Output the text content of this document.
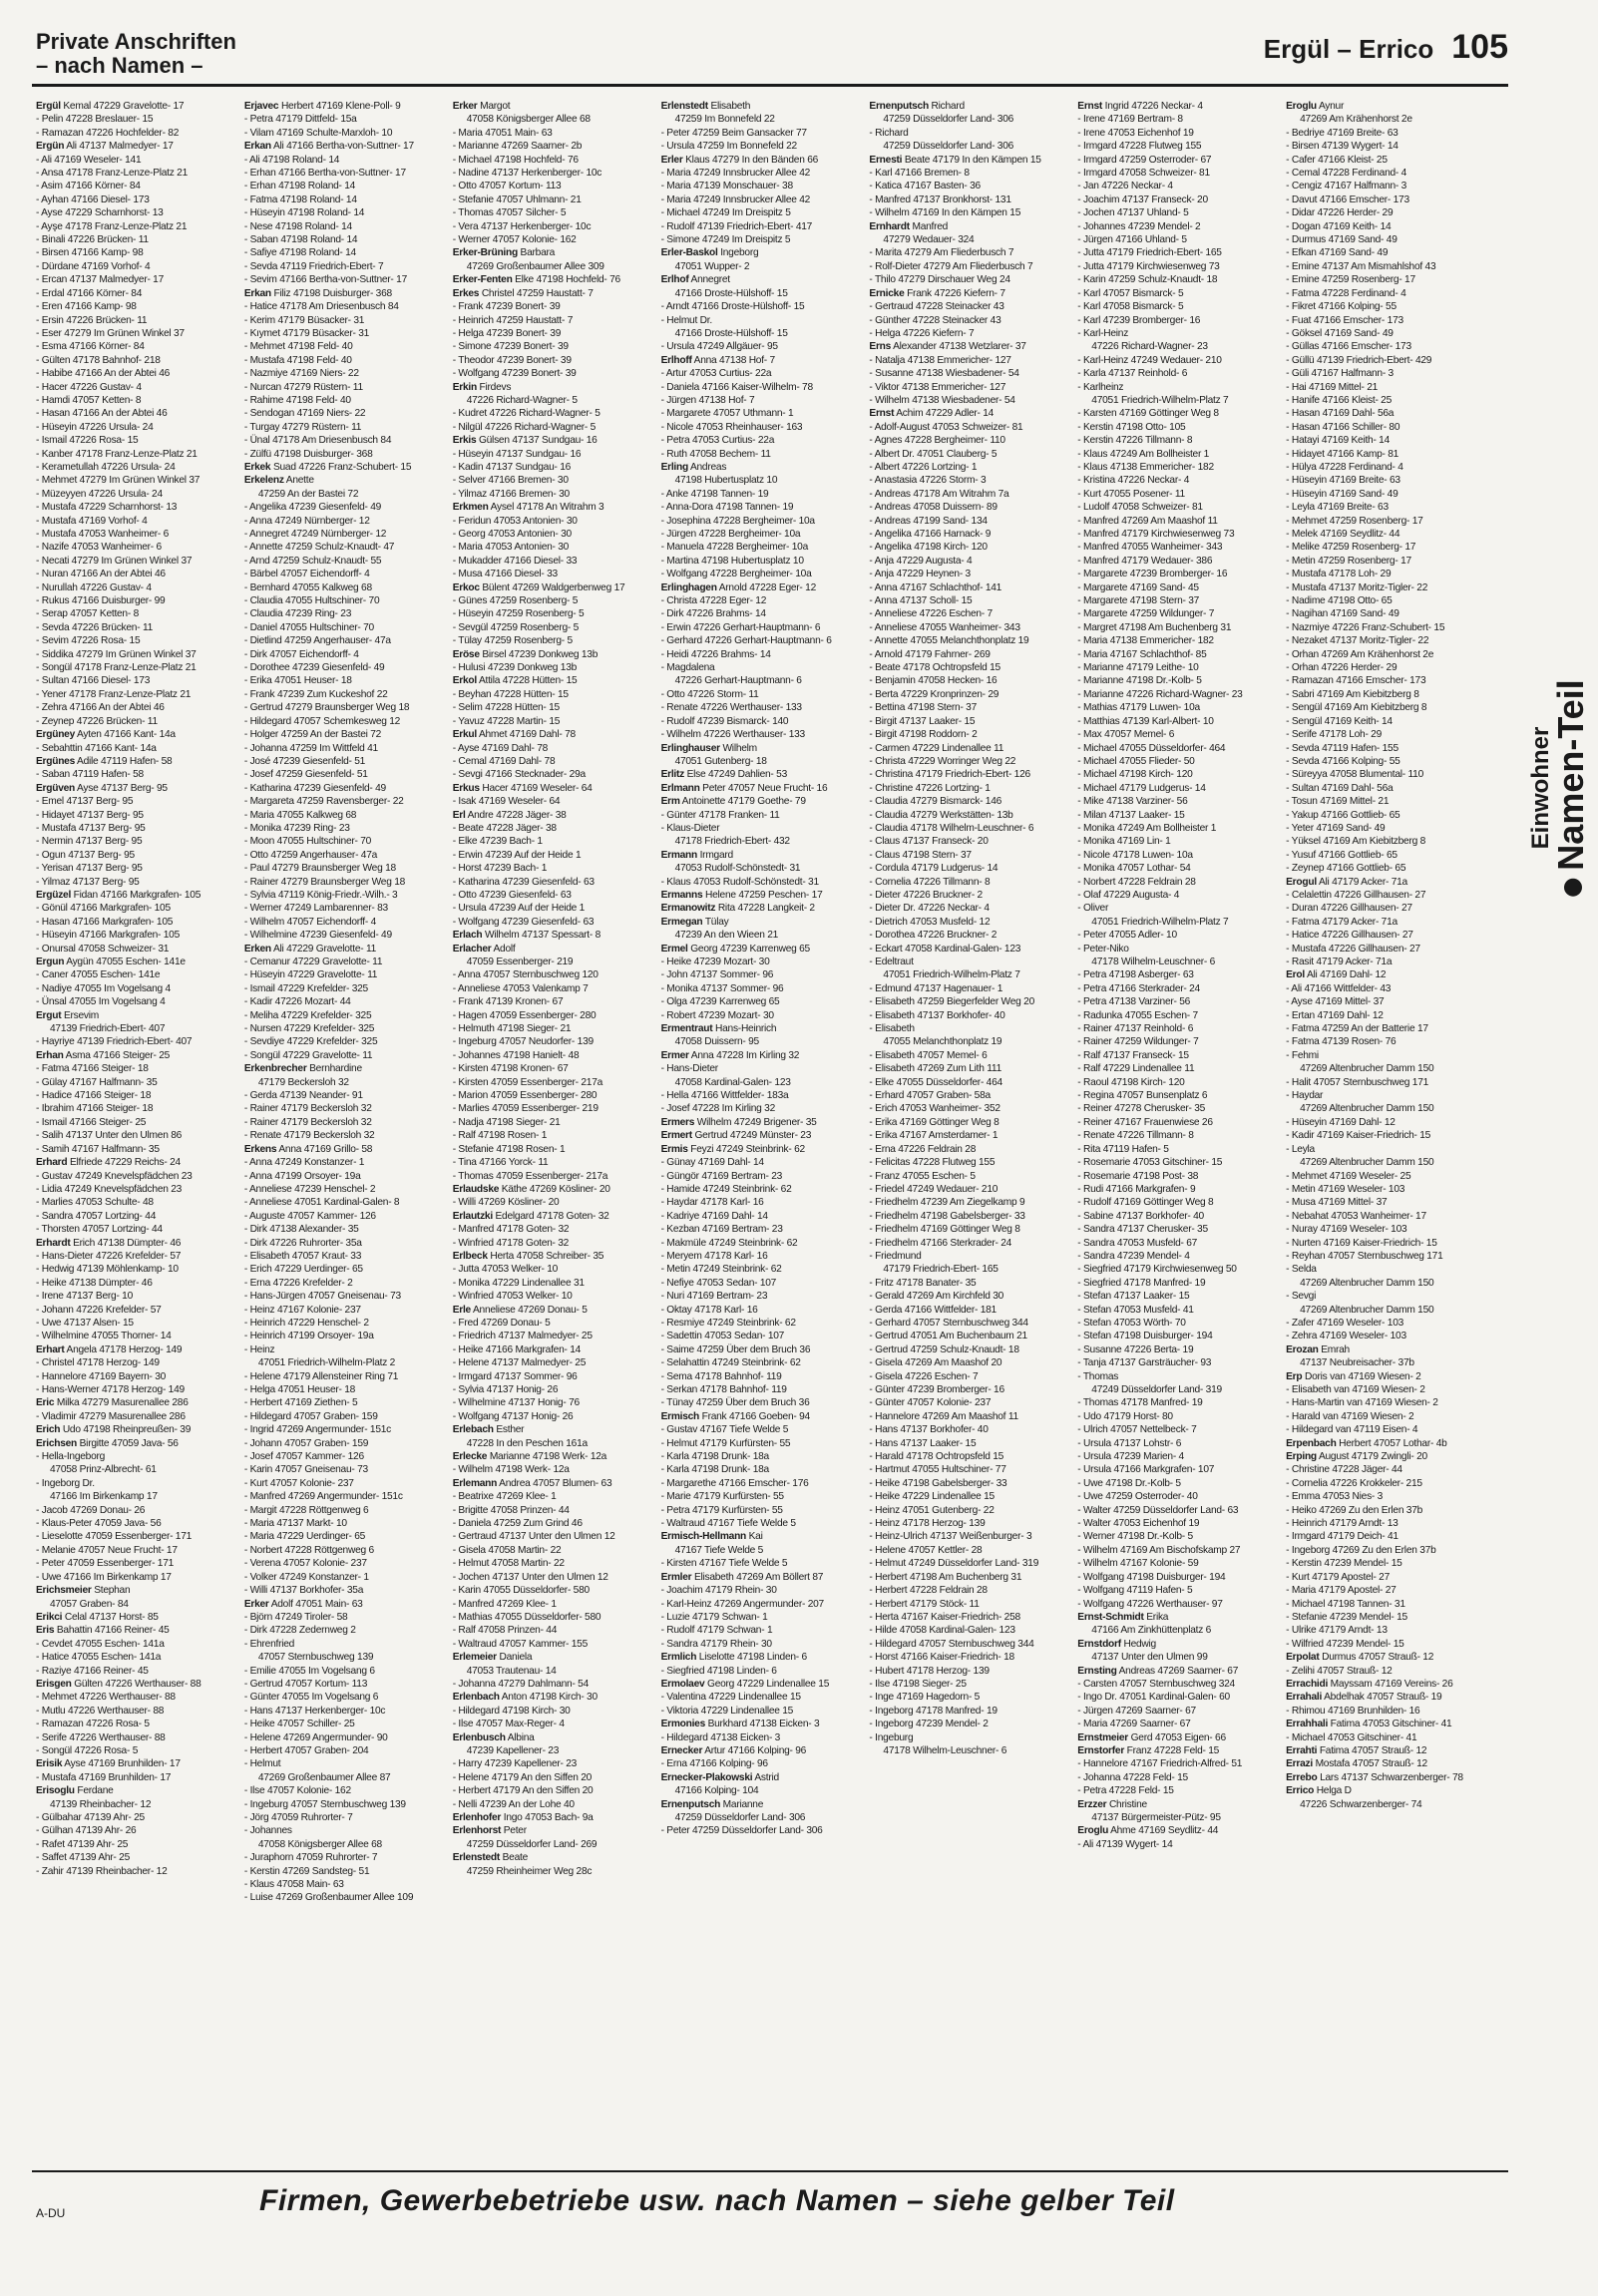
Private Anschriften
– nach Namen –
Ergül – Errico 105
Ergül Kemal 47229 Gravelotte- 17
- Pelin 47228 Breslauer- 15
- Ramazan 47226 Hochfelder- 82
Ergün Ali 47137 Malmedyer- 17
- Ali 47169 Weseler- 141
- Ansa 47178 Franz-Lenze-Platz 21
- Asim 47166 Körner- 84
- Ayhan 47166 Diesel- 173
- Ayse 47229 Scharnhorst- 13
- Ayşe 47178 Franz-Lenze-Platz 21
- Binali 47226 Brücken- 11
- Birsen 47166 Kamp- 98
- Dürdane 47169 Vorhof- 4
- Ercan 47137 Malmedyer- 17
- Erdal 47166 Körner- 84
- Eren 47166 Kamp- 98
- Ersin 47226 Brücken- 11
- Eser 47279 Im Grünen Winkel 37
- Esma 47166 Körner- 84
- Gülten 47178 Bahnhof- 218
- Habibe 47166 An der Abtei 46
- Hacer 47226 Gustav- 4
- Hamdi 47057 Ketten- 8
- Hasan 47166 An der Abtei 46
- Hüseyin 47226 Ursula- 24
- Ismail 47226 Rosa- 15
- Kanber 47178 Franz-Lenze-Platz 21
- Kerametullah 47226 Ursula- 24
- Mehmet 47279 Im Grünen Winkel 37
- Müzeyyen 47226 Ursula- 24
- Mustafa 47229 Scharnhorst- 13
- Mustafa 47169 Vorhof- 4
- Mustafa 47053 Wanheimer- 6
- Nazife 47053 Wanheimer- 6
- Necati 47279 Im Grünen Winkel 37
- Nuran 47166 An der Abtei 46
- Nurullah 47226 Gustav- 4
- Rukus 47166 Duisburger- 99
- Serap 47057 Ketten- 8
- Sevda 47226 Brücken- 11
- Sevim 47226 Rosa- 15
- Siddika 47279 Im Grünen Winkel 37
- Songül 47178 Franz-Lenze-Platz 21
- Sultan 47166 Diesel- 173
- Yener 47178 Franz-Lenze-Platz 21
- Zehra 47166 An der Abtei 46
- Zeynep 47226 Brücken- 11
Ergüney Ayten 47166 Kant- 14a
- Sebahttin 47166 Kant- 14a
Ergünes Adile 47119 Hafen- 58
- Saban 47119 Hafen- 58
Ergüven Ayse 47137 Berg- 95
- Emel 47137 Berg- 95
- Hidayet 47137 Berg- 95
- Mustafa 47137 Berg- 95
- Nermin 47137 Berg- 95
- Ogun 47137 Berg- 95
- Yerisan 47137 Berg- 95
- Yilmaz 47137 Berg- 95
Ergüzel Fidan 47166 Markgrafen- 105
- Gönül 47166 Markgrafen- 105
- Hasan 47166 Markgrafen- 105
- Hüseyin 47166 Markgrafen- 105
- Onursal 47058 Schweizer- 31
Ergun Aygün 47055 Eschen- 141e
- Caner 47055 Eschen- 141e
- Nadiye 47055 Im Vogelsang 4
- Ünsal 47055 Im Vogelsang 4
Ergut Ersevim
47139 Friedrich-Ebert- 407
- Hayriye 47139 Friedrich-Ebert- 407
Erhan Asma 47166 Steiger- 25
- Fatma 47166 Steiger- 18
- Gülay 47167 Halfmann- 35
- Hadice 47166 Steiger- 18
- Ibrahim 47166 Steiger- 18
- Ismail 47166 Steiger- 25
- Salih 47137 Unter den Ulmen 86
- Samih 47167 Halfmann- 35
Erhard Elfriede 47229 Reichs- 24
- Gustav 47249 Knevelspfädchen 23
- Lidia 47249 Knevelspfädchen 23
- Marlies 47053 Schulte- 48
- Sandra 47057 Lortzing- 44
- Thorsten 47057 Lortzing- 44
Erhardt Erich 47138 Dümpter- 46
- Hans-Dieter 47226 Krefelder- 57
- Hedwig 47139 Möhlenkamp- 10
- Heike 47138 Dümpter- 46
- Irene 47137 Berg- 10
- Johann 47226 Krefelder- 57
- Uwe 47137 Alsen- 15
- Wilhelmine 47055 Thorner- 14
Erhart Angela 47178 Herzog- 149
- Christel 47178 Herzog- 149
- Hannelore 47169 Bayern- 30
- Hans-Werner 47178 Herzog- 149
Eric Milka 47279 Masurenallee 286
- Vladimir 47279 Masurenallee 286
Erich Udo 47198 Rheinpreußen- 39
Erichsen Birgitte 47059 Java- 56
- Hella-Ingeborg
47058 Prinz-Albrecht- 61
- Ingeborg Dr.
47166 Im Birkenkamp 17
- Jacob 47269 Donau- 26
- Klaus-Peter 47059 Java- 56
- Lieselotte 47059 Essenberger- 171
- Melanie 47057 Neue Frucht- 17
- Peter 47059 Essenberger- 171
- Uwe 47166 Im Birkenkamp 17
Erichsmeier Stephan
47057 Graben- 84
Erikci Celal 47137 Horst- 85
Eris Bahattin 47166 Reiner- 45
- Cevdet 47055 Eschen- 141a
- Hatice 47055 Eschen- 141a
- Raziye 47166 Reiner- 45
Erisgen Gülten 47226 Werthauser- 88
- Mehmet 47226 Werthauser- 88
- Mutlu 47226 Werthauser- 88
- Ramazan 47226 Rosa- 5
- Serife 47226 Werthauser- 88
- Songül 47226 Rosa- 5
Erisik Ayse 47169 Brunhilden- 17
- Mustafa 47169 Brunhilden- 17
Erisoglu Ferdane
47139 Rheinbacher- 12
- Gülbahar 47139 Ahr- 25
- Gülhan 47139 Ahr- 26
- Rafet 47139 Ahr- 25
- Saffet 47139 Ahr- 25
- Zahir 47139 Rheinbacher- 12
Erjavec Herbert 47169 Klene-Poll- 9
- Petra 47179 Dittfeld- 15a
- Vilam 47169 Schulte-Marxloh- 10
Erkan Ali 47166 Bertha-von-Suttner- 17
- Ali 47198 Roland- 14
- Erhan 47166 Bertha-von-Suttner- 17
- Erhan 47198 Roland- 14
- Fatma 47198 Roland- 14
- Hüseyin 47198 Roland- 14
- Nese 47198 Roland- 14
- Saban 47198 Roland- 14
- Safiye 47198 Roland- 14
- Sevda 47119 Friedrich-Ebert- 7
- Sevim 47166 Bertha-von-Suttner- 17
Erkan Filiz 47198 Duisburger- 368
- Hatice 47178 Am Driesenbusch 84
- Kerim 47179 Büsacker- 31
- Kıymet 47179 Büsacker- 31
- Mehmet 47198 Feld- 40
- Mustafa 47198 Feld- 40
- Nazmiye 47169 Niers- 22
- Nurcan 47279 Rüstern- 11
- Rahime 47198 Feld- 40
- Sendogan 47169 Niers- 22
- Turgay 47279 Rüstern- 11
- Ünal 47178 Am Driesenbusch 84
- Zülfü 47198 Duisburger- 368
Erkek Suad 47226 Franz-Schubert- 15
Erkelenz Anette
47259 An der Bastei 72
- Angelika 47239 Giesenfeld- 49
- Anna 47249 Nürnberger- 12
- Annegret 47249 Nürnberger- 12
- Annette 47259 Schulz-Knaudt- 47
- Arnd 47259 Schulz-Knaudt- 55
- Bärbel 47057 Eichendorff- 4
- Bernhard 47055 Kalkweg 68
- Claudia 47055 Hultschiner- 70
- Claudia 47239 Ring- 23
- Daniel 47055 Hultschiner- 70
- Dietlind 47259 Angerhauser- 47a
- Dirk 47057 Eichendorff- 4
- Dorothee 47239 Giesenfeld- 49
- Erika 47051 Heuser- 18
- Frank 47239 Zum Kuckeshof 22
- Gertrud 47279 Braunsberger Weg 18
- Hildegard 47057 Schemkesweg 12
- Holger 47259 An der Bastei 72
- Johanna 47259 Im Wittfeld 41
- José 47239 Giesenfeld- 51
- Josef 47259 Giesenfeld- 51
- Katharina 47239 Giesenfeld- 49
- Margareta 47259 Ravensberger- 22
- Maria 47055 Kalkweg 68
- Monika 47239 Ring- 23
- Moon 47055 Hultschiner- 70
- Otto 47259 Angerhauser- 47a
- Paul 47279 Braunsberger Weg 18
- Rainer 47279 Braunsberger Weg 18
- Sylvia 47119 König-Friedr.-Wilh.- 3
- Werner 47249 Lambarenner- 83
- Wilhelm 47057 Eichendorff- 4
- Wilhelmine 47239 Giesenfeld- 49
Erken Ali 47229 Gravelotte- 11
- Cemanur 47229 Gravelotte- 11
- Hüseyin 47229 Gravelotte- 11
- Ismail 47229 Krefelder- 325
- Kadir 47226 Mozart- 44
- Meliha 47229 Krefelder- 325
- Nursen 47229 Krefelder- 325
- Sevdiye 47229 Krefelder- 325
- Songül 47229 Gravelotte- 11
Erkenbrecher Bernhardine
47179 Beckersloh 32
- Gerda 47139 Neander- 91
- Rainer 47179 Beckersloh 32
- Rainer 47179 Beckersloh 32
- Renate 47179 Beckersloh 32
Erkens Anna 47169 Grillo- 58
- Anna 47249 Konstanzer- 1
- Anna 47199 Orsoyer- 19a
- Anneliese 47239 Henschel- 2
- Anneliese 47051 Kardinal-Galen- 8
- Auguste 47057 Kammer- 126
- Dirk 47138 Alexander- 35
- Dirk 47226 Ruhrorter- 35a
- Elisabeth 47057 Kraut- 33
- Erich 47229 Uerdinger- 65
- Erna 47226 Krefelder- 2
- Hans-Jürgen 47057 Gneisenau- 73
- Heinz 47167 Kolonie- 237
- Heinrich 47229 Henschel- 2
- Heinrich 47199 Orsoyer- 19a
- Heinz
47051 Friedrich-Wilhelm-Platz 2
- Helene 47179 Allensteiner Ring 71
- Helga 47051 Heuser- 18
- Herbert 47169 Ziethen- 5
- Hildegard 47057 Graben- 159
- Ingrid 47269 Angermunder- 151c
- Johann 47057 Graben- 159
- Josef 47057 Kammer- 126
- Karin 47057 Gneisenau- 73
- Kurt 47057 Kolonie- 237
- Manfred 47269 Angermunder- 151c
- Margit 47228 Röttgenweg 6
- Maria 47137 Markt- 10
- Maria 47229 Uerdinger- 65
- Norbert 47228 Röttgenweg 6
- Verena 47057 Kolonie- 237
- Volker 47249 Konstanzer- 1
- Willi 47137 Borkhofer- 35a
Erker Adolf 47051 Main- 63
- Björn 47249 Tiroler- 58
- Dirk 47228 Zedernweg 2
- Ehrenfried
47057 Sternbuschweg 139
- Emilie 47055 Im Vogelsang 6
- Gertrud 47057 Kortum- 113
- Günter 47055 Im Vogelsang 6
- Hans 47137 Herkenberger- 10c
- Heike 47057 Schiller- 25
- Helene 47269 Angermunder- 90
- Herbert 47057 Graben- 204
- Helmut
47269 Großenbaumer Allee 87
- Ilse 47057 Kolonie- 162
- Ingeburg 47057 Sternbuschweg 139
- Jörg 47059 Ruhrorter- 7
- Johannes
47058 Königsberger Allee 68
- Juraphorn 47059 Ruhrorter- 7
- Kerstin 47269 Sandsteg- 51
- Klaus 47058 Main- 63
- Luise 47269 Großenbaumer Allee 109
Erker Margot
47058 Königsberger Allee 68
- Maria 47051 Main- 63
- Marianne 47269 Saarner- 2b
- Michael 47198 Hochfeld- 76
- Nadine 47137 Herkenberger- 10c
- Otto 47057 Kortum- 113
- Stefanie 47057 Uhlmann- 21
- Thomas 47057 Silcher- 5
- Vera 47137 Herkenberger- 10c
- Werner 47057 Kolonie- 162
Erker-Brüning Barbara
47269 Großenbaumer Allee 309
Erker-Fenten Elke 47198 Hochfeld- 76
Erkes Christel 47259 Haustatt- 7
- Frank 47239 Bonert- 39
- Heinrich 47259 Haustatt- 7
- Helga 47239 Bonert- 39
- Simone 47239 Bonert- 39
- Theodor 47239 Bonert- 39
- Wolfgang 47239 Bonert- 39
Erkin Firdevs
47226 Richard-Wagner- 5
- Kudret 47226 Richard-Wagner- 5
- Nilgül 47226 Richard-Wagner- 5
Erkis Gülsen 47137 Sundgau- 16
- Hüseyin 47137 Sundgau- 16
- Kadin 47137 Sundgau- 16
- Selver 47166 Bremen- 30
- Yilmaz 47166 Bremen- 30
Erkmen Aysel 47178 An Witrahm 3
- Feridun 47053 Antonien- 30
- Georg 47053 Antonien- 30
- Maria 47053 Antonien- 30
- Mukadder 47166 Diesel- 33
- Musa 47166 Diesel- 33
Erkoc Bülent 47269 Waldgerbenweg 17
- Günes 47259 Rosenberg- 5
- Hüseyin 47259 Rosenberg- 5
- Sevgül 47259 Rosenberg- 5
- Tülay 47259 Rosenberg- 5
Eröse Birsel 47239 Donkweg 13b
- Hulusi 47239 Donkweg 13b
Erkol Attila 47228 Hütten- 15
- Beyhan 47228 Hütten- 15
- Selim 47228 Hütten- 15
- Yavuz 47228 Martin- 15
Erkul Ahmet 47169 Dahl- 78
- Ayse 47169 Dahl- 78
- Cemal 47169 Dahl- 78
- Sevgi 47166 Stecknader- 29a
Erkus Hacer 47169 Weseler- 64
- Isak 47169 Weseler- 64
Erl Andre 47228 Jäger- 38
- Beate 47228 Jäger- 38
- Elke 47239 Bach- 1
- Erwin 47239 Auf der Heide 1
- Horst 47239 Bach- 1
- Katharina 47239 Giesenfeld- 63
- Otto 47239 Giesenfeld- 63
- Ursula 47239 Auf der Heide 1
- Wolfgang 47239 Giesenfeld- 63
Erlach Wilhelm 47137 Spessart- 8
Erlacher Adolf
47059 Essenberger- 219
- Anna 47057 Sternbuschweg 120
- Anneliese 47053 Valenkamp 7
- Frank 47139 Kronen- 67
- Hagen 47059 Essenberger- 280
- Helmuth 47198 Sieger- 21
- Ingeburg 47057 Neudorfer- 139
- Johannes 47198 Hanielt- 48
- Kirsten 47198 Kronen- 67
- Kirsten 47059 Essenberger- 217a
- Marion 47059 Essenberger- 280
- Marlies 47059 Essenberger- 219
- Nadja 47198 Sieger- 21
- Ralf 47198 Rosen- 1
- Stefanie 47198 Rosen- 1
- Tina 47166 Yorck- 11
- Thomas 47059 Essenberger- 217a
Erlaudske Käthe 47269 Kösliner- 20
- Willi 47269 Kösliner- 20
Erlautzki Edelgard 47178 Goten- 32
- Manfred 47178 Goten- 32
- Winfried 47178 Goten- 32
Erlbeck Herta 47058 Schreiber- 35
- Jutta 47053 Welker- 10
- Monika 47229 Lindenallee 31
- Winfried 47053 Welker- 10
Erle Anneliese 47269 Donau- 5
- Fred 47269 Donau- 5
- Friedrich 47137 Malmedyer- 25
- Heike 47166 Markgrafen- 14
- Helene 47137 Malmedyer- 25
- Irmgard 47137 Sommer- 96
- Sylvia 47137 Honig- 26
- Wilhelmine 47137 Honig- 76
- Wolfgang 47137 Honig- 26
Erlebach Esther
47228 In den Peschen 161a
Erlecke Marianne 47198 Werk- 12a
- Wilhelm 47198 Werk- 12a
Erlemann Andrea 47057 Blumen- 63
- Beatrixe 47269 Klee- 1
- Brigitte 47058 Prinzen- 44
- Daniela 47259 Zum Grind 46
- Gertraud 47137 Unter den Ulmen 12
- Gisela 47058 Martin- 22
- Helmut 47058 Martin- 22
- Jochen 47137 Unter den Ulmen 12
- Karin 47055 Düsseldorfer- 580
- Manfred 47269 Klee- 1
- Mathias 47055 Düsseldorfer- 580
- Ralf 47058 Prinzen- 44
- Waltraud 47057 Kammer- 155
Erlemeier Daniela
47053 Trautenau- 14
- Johanna 47279 Dahlmann- 54
Erlenbach Anton 47198 Kirch- 30
- Hildegard 47198 Kirch- 30
- Ilse 47057 Max-Reger- 4
Erlenbusch Albina
47239 Kapellener- 23
- Harry 47239 Kapellener- 23
- Helene 47179 An den Siffen 20
- Herbert 47179 An den Siffen 20
- Nelli 47239 An der Lohe 40
Erlenhofer Ingo 47053 Bach- 9a
Erlenhorst Peter
47259 Düsseldorfer Land- 269
Erlenstedt Beate
47259 Rheinheimer Weg 28c
Erlenstedt Elisabeth
47259 Im Bonnefeld 22
- Peter 47259 Beim Gansacker 77
- Ursula 47259 Im Bonnefeld 22
Erler Klaus 47279 In den Bänden 66
- Maria 47249 Innsbrucker Allee 42
- Maria 47139 Monschauer- 38
- Maria 47249 Innsbrucker Allee 42
- Michael 47249 Im Dreispitz 5
- Rudolf 47139 Friedrich-Ebert- 417
- Simone 47249 Im Dreispitz 5
Erler-Baskol Ingeborg
47051 Wupper- 2
Erlhof Annegret
47166 Droste-Hülshoff- 15
- Arndt 47166 Droste-Hülshoff- 15
- Helmut Dr.
47166 Droste-Hülshoff- 15
- Ursula 47249 Allgäuer- 95
Erlhoff Anna 47138 Hof- 7
- Artur 47053 Curtius- 22a
- Daniela 47166 Kaiser-Wilhelm- 78
- Jürgen 47138 Hof- 7
- Margarete 47057 Uthmann- 1
- Nicole 47053 Rheinhauser- 163
- Petra 47053 Curtius- 22a
- Ruth 47058 Bechem- 11
Erling Andreas
47198 Hubertusplatz 10
- Anke 47198 Tannen- 19
- Anna-Dora 47198 Tannen- 19
- Josephina 47228 Bergheimer- 10a
- Jürgen 47228 Bergheimer- 10a
- Manuela 47228 Bergheimer- 10a
- Martina 47198 Hubertusplatz 10
- Wolfgang 47228 Bergheimer- 10a
Erlinghagen Arnold 47228 Eger- 12
- Christa 47228 Eger- 12
- Dirk 47226 Brahms- 14
- Erwin 47226 Gerhart-Hauptmann- 6
- Gerhard 47226 Gerhart-Hauptmann- 6
- Heidi 47226 Brahms- 14
- Magdalena
47226 Gerhart-Hauptmann- 6
- Otto 47226 Storm- 11
- Renate 47226 Werthauser- 133
- Rudolf 47239 Bismarck- 140
- Wilhelm 47226 Werthauser- 133
Erlinghauser Wilhelm
47051 Gutenberg- 18
Erlitz Else 47249 Dahlien- 53
Erlmann Peter 47057 Neue Frucht- 16
Erm Antoinette 47179 Goethe- 79
- Günter 47178 Franken- 11
- Klaus-Dieter
47178 Friedrich-Ebert- 432
Ermann Irmgard
47053 Rudolf-Schönstedt- 31
- Klaus 47053 Rudolf-Schönstedt- 31
Ermanns Helene 47259 Peschen- 17
Ermanowitz Rita 47228 Langkeit- 2
Ermegan Tülay
47239 An den Wieen 21
Ermel Georg 47239 Karrenweg 65
- Heike 47239 Mozart- 30
- John 47137 Sommer- 96
- Monika 47137 Sommer- 96
- Olga 47239 Karrenweg 65
- Robert 47239 Mozart- 30
Ermentraut Hans-Heinrich
47058 Duissern- 95
Ermer Anna 47228 Im Kirling 32
- Hans-Dieter
47058 Kardinal-Galen- 123
- Hella 47166 Wittfelder- 183a
- Josef 47228 Im Kirling 32
Ermers Wilhelm 47249 Brigener- 35
Ermert Gertrud 47249 Münster- 23
Ermis Feyzi 47249 Steinbrink- 62
- Günay 47169 Dahl- 14
- Güngör 47169 Bertram- 23
- Hamide 47249 Steinbrink- 62
- Haydar 47178 Karl- 16
- Kadriye 47169 Dahl- 14
- Kezban 47169 Bertram- 23
- Makmüle 47249 Steinbrink- 62
- Meryem 47178 Karl- 16
- Metin 47249 Steinbrink- 62
- Nefiye 47053 Sedan- 107
- Nuri 47169 Bertram- 23
- Oktay 47178 Karl- 16
- Resmiye 47249 Steinbrink- 62
- Sadettin 47053 Sedan- 107
- Saime 47259 Über dem Bruch 36
- Selahattin 47249 Steinbrink- 62
- Sema 47178 Bahnhof- 119
- Serkan 47178 Bahnhof- 119
- Tünay 47259 Über dem Bruch 36
Ermisch Frank 47166 Goeben- 94
- Gustav 47167 Tiefe Welde 5
- Helmut 47179 Kurfürsten- 55
- Karla 47198 Drunk- 18a
- Karla 47198 Drunk- 18a
- Margarethe 47166 Emscher- 176
- Marie 47179 Kurfürsten- 55
- Petra 47179 Kurfürsten- 55
- Waltraud 47167 Tiefe Welde 5
Ermisch-Hellmann Kai
47167 Tiefe Welde 5
- Kirsten 47167 Tiefe Welde 5
Ermler Elisabeth 47269 Am Böllert 87
- Joachim 47179 Rhein- 30
- Karl-Heinz 47269 Angermunder- 207
- Luzie 47179 Schwan- 1
- Rudolf 47179 Schwan- 1
- Sandra 47179 Rhein- 30
Ermlich Liselotte 47198 Linden- 6
- Siegfried 47198 Linden- 6
Ermolaev Georg 47229 Lindenallee 15
- Valentina 47229 Lindenallee 15
- Viktoria 47229 Lindenallee 15
Ermonies Burkhard 47138 Eicken- 3
- Hildegard 47138 Eicken- 3
Ernecker Artur 47166 Kolping- 96
- Erna 47166 Kolping- 96
Ernecker-Plakowski Astrid
47166 Kolping- 104
Ernenputsch Marianne
47259 Düsseldorfer Land- 306
- Peter 47259 Düsseldorfer Land- 306
Ernenputsch Richard
47259 Düsseldorfer Land- 306
- Richard
47259 Düsseldorfer Land- 306
Ernesti Beate 47179 In den Kämpen 15
- Karl 47166 Bremen- 8
- Katica 47167 Basten- 36
- Manfred 47137 Bronkhorst- 131
- Wilhelm 47169 In den Kämpen 15
Ernhardt Manfred
47279 Wedauer- 324
- Marita 47279 Am Fliederbusch 7
- Rolf-Dieter 47279 Am Fliederbusch 7
- Thilo 47279 Dirschauer Weg 24
Ernicke Frank 47226 Kiefern- 7
- Gertraud 47228 Steinacker 43
- Günther 47228 Steinacker 43
- Helga 47226 Kiefern- 7
Erns Alexander 47138 Wetzlarer- 37
- Natalja 47138 Emmericher- 127
- Susanne 47138 Wiesbadener- 54
- Viktor 47138 Emmericher- 127
- Wilhelm 47138 Wiesbadener- 54
Ernst Achim 47229 Adler- 14
- Adolf-August 47053 Schweizer- 81
- Agnes 47228 Bergheimer- 110
- Albert Dr. 47051 Clauberg- 5
- Albert 47226 Lortzing- 1
- Anastasia 47226 Storm- 3
- Andreas 47178 Am Witrahm 7a
- Andreas 47058 Duissern- 89
- Andreas 47199 Sand- 134
- Angelika 47166 Harnack- 9
- Angelika 47198 Kirch- 120
- Anja 47229 Augusta- 4
- Anja 47229 Heynen- 3
- Anna 47167 Schlachthof- 141
- Anna 47137 Scholl- 15
- Anneliese 47226 Eschen- 7
- Anneliese 47055 Wanheimer- 343
- Annette 47055 Melanchthonplatz 19
- Arnold 47179 Fahrner- 269
- Beate 47178 Ochtropsfeld 15
- Benjamin 47058 Hecken- 16
- Berta 47229 Kronprinzen- 29
- Bettina 47198 Stern- 37
- Birgit 47137 Laaker- 15
- Birgit 47198 Roddorn- 2
- Carmen 47229 Lindenallee 11
- Christa 47229 Worringer Weg 22
- Christina 47179 Friedrich-Ebert- 126
- Christine 47226 Lortzing- 1
- Claudia 47279 Bismarck- 146
- Claudia 47279 Werkstätten- 13b
- Claudia 47178 Wilhelm-Leuschner- 6
- Claus 47137 Franseck- 20
- Claus 47198 Stern- 37
- Cordula 47179 Ludgerus- 14
- Cornelia 47226 Tillmann- 8
- Dieter 47226 Bruckner- 2
- Dieter Dr. 47226 Neckar- 4
- Dietrich 47053 Musfeld- 12
- Dorothea 47226 Bruckner- 2
- Eckart 47058 Kardinal-Galen- 123
- Edeltraut
47051 Friedrich-Wilhelm-Platz 7
- Edmund 47137 Hagenauer- 1
- Elisabeth 47259 Biegerfelder Weg 20
- Elisabeth 47137 Borkhofer- 40
- Elisabeth
47055 Melanchthonplatz 19
- Elisabeth 47057 Memel- 6
- Elisabeth 47269 Zum Lith 111
- Elke 47055 Düsseldorfer- 464
- Erhard 47057 Graben- 58a
- Erich 47053 Wanheimer- 352
- Erika 47169 Göttinger Weg 8
- Erika 47167 Amsterdamer- 1
- Erna 47226 Feldrain 28
- Felicitas 47228 Flutweg 155
- Franz 47055 Eschen- 5
- Friedel 47249 Wedauer- 210
- Friedhelm 47239 Am Ziegelkamp 9
- Friedhelm 47198 Gabelsberger- 33
- Friedhelm 47169 Göttinger Weg 8
- Friedhelm 47166 Sterkrader- 24
- Friedmund
47179 Friedrich-Ebert- 165
- Fritz 47178 Banater- 35
- Gerald 47269 Am Kirchfeld 30
- Gerda 47166 Wittfelder- 181
- Gerhard 47057 Sternbuschweg 344
- Gertrud 47051 Am Buchenbaum 21
- Gertrud 47259 Schulz-Knaudt- 18
- Gisela 47269 Am Maashof 20
- Gisela 47226 Eschen- 7
- Günter 47239 Bromberger- 16
- Günter 47057 Kolonie- 237
- Hannelore 47269 Am Maashof 11
- Hans 47137 Borkhofer- 40
- Hans 47137 Laaker- 15
- Harald 47178 Ochtropsfeld 15
- Hartmut 47055 Hultschiner- 77
- Heike 47198 Gabelsberger- 33
- Heike 47229 Lindenallee 15
- Heinz 47051 Gutenberg- 22
- Heinz 47178 Herzog- 139
- Heinz-Ulrich 47137 Weißenburger- 3
- Helene 47057 Kettler- 28
- Helmut 47249 Düsseldorfer Land- 319
- Herbert 47198 Am Buchenberg 31
- Herbert 47228 Feldrain 28
- Herbert 47179 Stöck- 11
- Herta 47167 Kaiser-Friedrich- 258
- Hilde 47058 Kardinal-Galen- 123
- Hildegard 47057 Sternbuschweg 344
- Horst 47166 Kaiser-Friedrich- 18
- Hubert 47178 Herzog- 139
- Ilse 47198 Sieger- 25
- Inge 47169 Hagedorn- 5
- Ingeborg 47178 Manfred- 19
- Ingeborg 47239 Mendel- 2
- Ingeburg
47178 Wilhelm-Leuschner- 6
Ernst Ingrid 47226 Neckar- 4
- Irene 47169 Bertram- 8
- Irene 47053 Eichenhof 19
- Irmgard 47228 Flutweg 155
- Irmgard 47259 Osterroder- 67
- Irmgard 47058 Schweizer- 81
- Jan 47226 Neckar- 4
- Joachim 47137 Franseck- 20
- Jochen 47137 Uhland- 5
- Johannes 47239 Mendel- 2
- Jürgen 47166 Uhland- 5
- Jutta 47179 Friedrich-Ebert- 165
- Jutta 47179 Kirchwiesenweg 73
- Karin 47259 Schulz-Knaudt- 18
- Karl 47057 Bismarck- 5
- Karl 47058 Bismarck- 5
- Karl 47239 Bromberger- 16
- Karl-Heinz
47226 Richard-Wagner- 23
- Karl-Heinz 47249 Wedauer- 210
- Karla 47137 Reinhold- 6
- Karlheinz
47051 Friedrich-Wilhelm-Platz 7
- Karsten 47169 Göttinger Weg 8
- Kerstin 47198 Otto- 105
- Kerstin 47226 Tillmann- 8
- Klaus 47249 Am Bollheister 1
- Klaus 47138 Emmericher- 182
- Kristina 47226 Neckar- 4
- Kurt 47055 Posener- 11
- Ludolf 47058 Schweizer- 81
- Manfred 47269 Am Maashof 11
- Manfred 47179 Kirchwiesenweg 73
- Manfred 47055 Wanheimer- 343
- Manfred 47179 Wedauer- 386
- Margarete 47239 Bromberger- 16
- Margarete 47169 Sand- 45
- Margarete 47198 Stern- 37
- Margarete 47259 Wildunger- 7
- Margret 47198 Am Buchenberg 31
- Maria 47138 Emmericher- 182
- Maria 47167 Schlachthof- 85
- Marianne 47179 Leithe- 10
- Marianne 47198 Dr.-Kolb- 5
- Marianne 47226 Richard-Wagner- 23
- Mathias 47179 Luwen- 10a
- Matthias 47139 Karl-Albert- 10
- Max 47057 Memel- 6
- Michael 47055 Düsseldorfer- 464
- Michael 47055 Flieder- 50
- Michael 47198 Kirch- 120
- Michael 47179 Ludgerus- 14
- Mike 47138 Varziner- 56
- Milan 47137 Laaker- 15
- Monika 47249 Am Bollheister 1
- Monika 47169 Lin- 1
- Nicole 47178 Luwen- 10a
- Monika 47057 Lothar- 54
- Norbert 47228 Feldrain 28
- Olaf 47229 Augusta- 4
- Oliver
47051 Friedrich-Wilhelm-Platz 7
- Peter 47055 Adler- 10
- Peter-Niko
47178 Wilhelm-Leuschner- 6
- Petra 47198 Asberger- 63
- Petra 47166 Sterkrader- 24
- Petra 47138 Varziner- 56
- Radunka 47055 Eschen- 7
- Rainer 47137 Reinhold- 6
- Rainer 47259 Wildunger- 7
- Ralf 47137 Franseck- 15
- Ralf 47229 Lindenallee 11
- Raoul 47198 Kirch- 120
- Regina 47057 Bunsenplatz 6
- Reiner 47278 Cherusker- 35
- Reiner 47167 Frauenwiese 26
- Renate 47226 Tillmann- 8
- Rita 47119 Hafen- 5
- Rosemarie 47053 Gitschiner- 15
- Rosemarie 47198 Post- 38
- Rudi 47166 Markgrafen- 9
- Rudolf 47169 Göttinger Weg 8
- Sabine 47137 Borkhofer- 40
- Sandra 47137 Cherusker- 35
- Sandra 47053 Musfeld- 67
- Sandra 47239 Mendel- 4
- Siegfried 47179 Kirchwiesenweg 50
- Siegfried 47178 Manfred- 19
- Stefan 47137 Laaker- 15
- Stefan 47053 Musfeld- 41
- Stefan 47053 Wörth- 70
- Stefan 47198 Duisburger- 194
- Susanne 47226 Berta- 19
- Tanja 47137 Garsträucher- 93
- Thomas
47249 Düsseldorfer Land- 319
- Thomas 47178 Manfred- 19
- Udo 47179 Horst- 80
- Ulrich 47057 Nettelbeck- 7
- Ursula 47137 Lohstr- 6
- Ursula 47239 Marien- 4
- Ursula 47166 Markgrafen- 107
- Uwe 47198 Dr.-Kolb- 5
- Uwe 47259 Osterroder- 40
- Walter 47259 Düsseldorfer Land- 63
- Walter 47053 Eichenhof 19
- Werner 47198 Dr.-Kolb- 5
- Wilhelm 47169 Am Bischofskamp 27
- Wilhelm 47167 Kolonie- 59
- Wolfgang 47198 Duisburger- 194
- Wolfgang 47119 Hafen- 5
- Wolfgang 47226 Werthauser- 97
Ernst-Schmidt Erika
47166 Am Zinkhüttenplatz 6
Ernstdorf Hedwig
47137 Unter den Ulmen 99
Ernsting Andreas 47269 Saarner- 67
- Carsten 47057 Sternbuschweg 324
- Ingo Dr. 47051 Kardinal-Galen- 60
- Jürgen 47269 Saarner- 67
- Maria 47269 Saarner- 67
Ernstmeier Gerd 47053 Eigen- 66
Ernstorfer Franz 47228 Feld- 15
- Hannelore 47167 Friedrich-Alfred- 51
- Johanna 47228 Feld- 15
- Petra 47228 Feld- 15
Erzzer Christine
47137 Bürgermeister-Pütz- 95
Eroglu Ahme 47169 Seydlitz- 44
- Ali 47139 Wygert- 14
Eroglu Aynur
47269 Am Krähenhorst 2e
- Bedriye 47169 Breite- 63
- Birsen 47139 Wygert- 14
- Cafer 47166 Kleist- 25
- Cemal 47228 Ferdinand- 4
- Cengiz 47167 Halfmann- 3
- Davut 47166 Emscher- 173
- Didar 47226 Herder- 29
- Dogan 47169 Keith- 14
- Durmus 47169 Sand- 49
- Efkan 47169 Sand- 49
- Emine 47137 Am Mismahlshof 43
- Emine 47259 Rosenberg- 17
- Fatma 47228 Ferdinand- 4
- Fikret 47166 Kolping- 55
- Fuat 47166 Emscher- 173
- Göksel 47169 Sand- 49
- Güllas 47166 Emscher- 173
- Güllü 47139 Friedrich-Ebert- 429
- Güli 47167 Halfmann- 3
- Hai 47169 Mittel- 21
- Hanife 47166 Kleist- 25
- Hasan 47169 Dahl- 56a
- Hasan 47166 Schiller- 80
- Hatayi 47169 Keith- 14
- Hidayet 47166 Kamp- 81
- Hülya 47228 Ferdinand- 4
- Hüseyin 47169 Breite- 63
- Hüseyin 47169 Sand- 49
- Leyla 47169 Breite- 63
- Mehmet 47259 Rosenberg- 17
- Melek 47169 Seydlitz- 44
- Melike 47259 Rosenberg- 17
- Metin 47259 Rosenberg- 17
- Mustafa 47178 Loh- 29
- Mustafa 47137 Moritz-Tigler- 22
- Nadime 47198 Otto- 65
- Nagihan 47169 Sand- 49
- Nazmiye 47226 Franz-Schubert- 15
- Nezaket 47137 Moritz-Tigler- 22
- Orhan 47269 Am Krähenhorst 2e
- Orhan 47226 Herder- 29
- Ramazan 47166 Emscher- 173
- Sabri 47169 Am Kiebitzberg 8
- Sengül 47169 Am Kiebitzberg 8
- Sengül 47169 Keith- 14
- Serife 47178 Loh- 29
- Sevda 47119 Hafen- 155
- Sevda 47166 Kolping- 55
- Süreyya 47058 Blumental- 110
- Sultan 47169 Dahl- 56a
- Tosun 47169 Mittel- 21
- Yakup 47166 Gottlieb- 65
- Yeter 47169 Sand- 49
- Yüksel 47169 Am Kiebitzberg 8
- Yusuf 47166 Gottlieb- 65
- Zeynep 47166 Gottlieb- 65
Erogul Ali 47179 Acker- 71a
- Celalettin 47226 Gillhausen- 27
- Duran 47226 Gillhausen- 27
- Fatma 47179 Acker- 71a
- Hatice 47226 Gillhausen- 27
- Mustafa 47226 Gillhausen- 27
- Rasit 47179 Acker- 71a
Erol Ali 47169 Dahl- 12
- Ali 47166 Wittfelder- 43
- Ayse 47169 Mittel- 37
- Ertan 47169 Dahl- 12
- Fatma 47259 An der Batterie 17
- Fatma 47139 Rosen- 76
- Fehmi
47269 Altenbrucher Damm 150
- Halit 47057 Sternbuschweg 171
- Haydar
47269 Altenbrucher Damm 150
- Hüseyin 47169 Dahl- 12
- Kadir 47169 Kaiser-Friedrich- 15
- Leyla
47269 Altenbrucher Damm 150
- Mehmet 47169 Weseler- 25
- Metin 47169 Weseler- 103
- Musa 47169 Mittel- 37
- Nebahat 47053 Wanheimer- 17
- Nuray 47169 Weseler- 103
- Nurten 47169 Kaiser-Friedrich- 15
- Reyhan 47057 Sternbuschweg 171
- Selda
47269 Altenbrucher Damm 150
- Sevgi
47269 Altenbrucher Damm 150
- Zafer 47169 Weseler- 103
- Zehra 47169 Weseler- 103
Erozan Emrah
47137 Neubreisacher- 37b
Erp Doris van 47169 Wiesen- 2
- Elisabeth van 47169 Wiesen- 2
- Hans-Martin van 47169 Wiesen- 2
- Harald van 47169 Wiesen- 2
- Hildegard van 47119 Eisen- 4
Erpenbach Herbert 47057 Lothar- 4b
Erping August 47179 Zwingli- 20
- Christine 47228 Jäger- 44
- Cornelia 47226 Krokkeler- 215
- Emma 47053 Nies- 3
- Heiko 47269 Zu den Erlen 37b
- Heinrich 47179 Arndt- 13
- Irmgard 47179 Deich- 41
- Ingeborg 47269 Zu den Erlen 37b
- Kerstin 47239 Mendel- 15
- Kurt 47179 Apostel- 27
- Maria 47179 Apostel- 27
- Michael 47198 Tannen- 31
- Stefanie 47239 Mendel- 15
- Ulrike 47179 Arndt- 13
- Wilfried 47239 Mendel- 15
Erpolat Durmus 47057 Strauß- 12
- Zelihi 47057 Strauß- 12
Errachidi Mayssam 47169 Vereins- 26
Errahali Abdelhak 47057 Strauß- 19
- Rhimou 47169 Brunhilden- 16
Errahhali Fatima 47053 Gitschiner- 41
- Michael 47053 Gitschiner- 41
Errahti Fatima 47057 Strauß- 12
Errazi Mostafa 47057 Strauß- 12
Errebo Lars 47137 Schwarzenberger- 78
Errico Helga D
47226 Schwarzenberger- 74
Einwohner
Namen-Teil
A-DU	Firmen, Gewerbebetriebe usw. nach Namen – siehe gelber Teil
